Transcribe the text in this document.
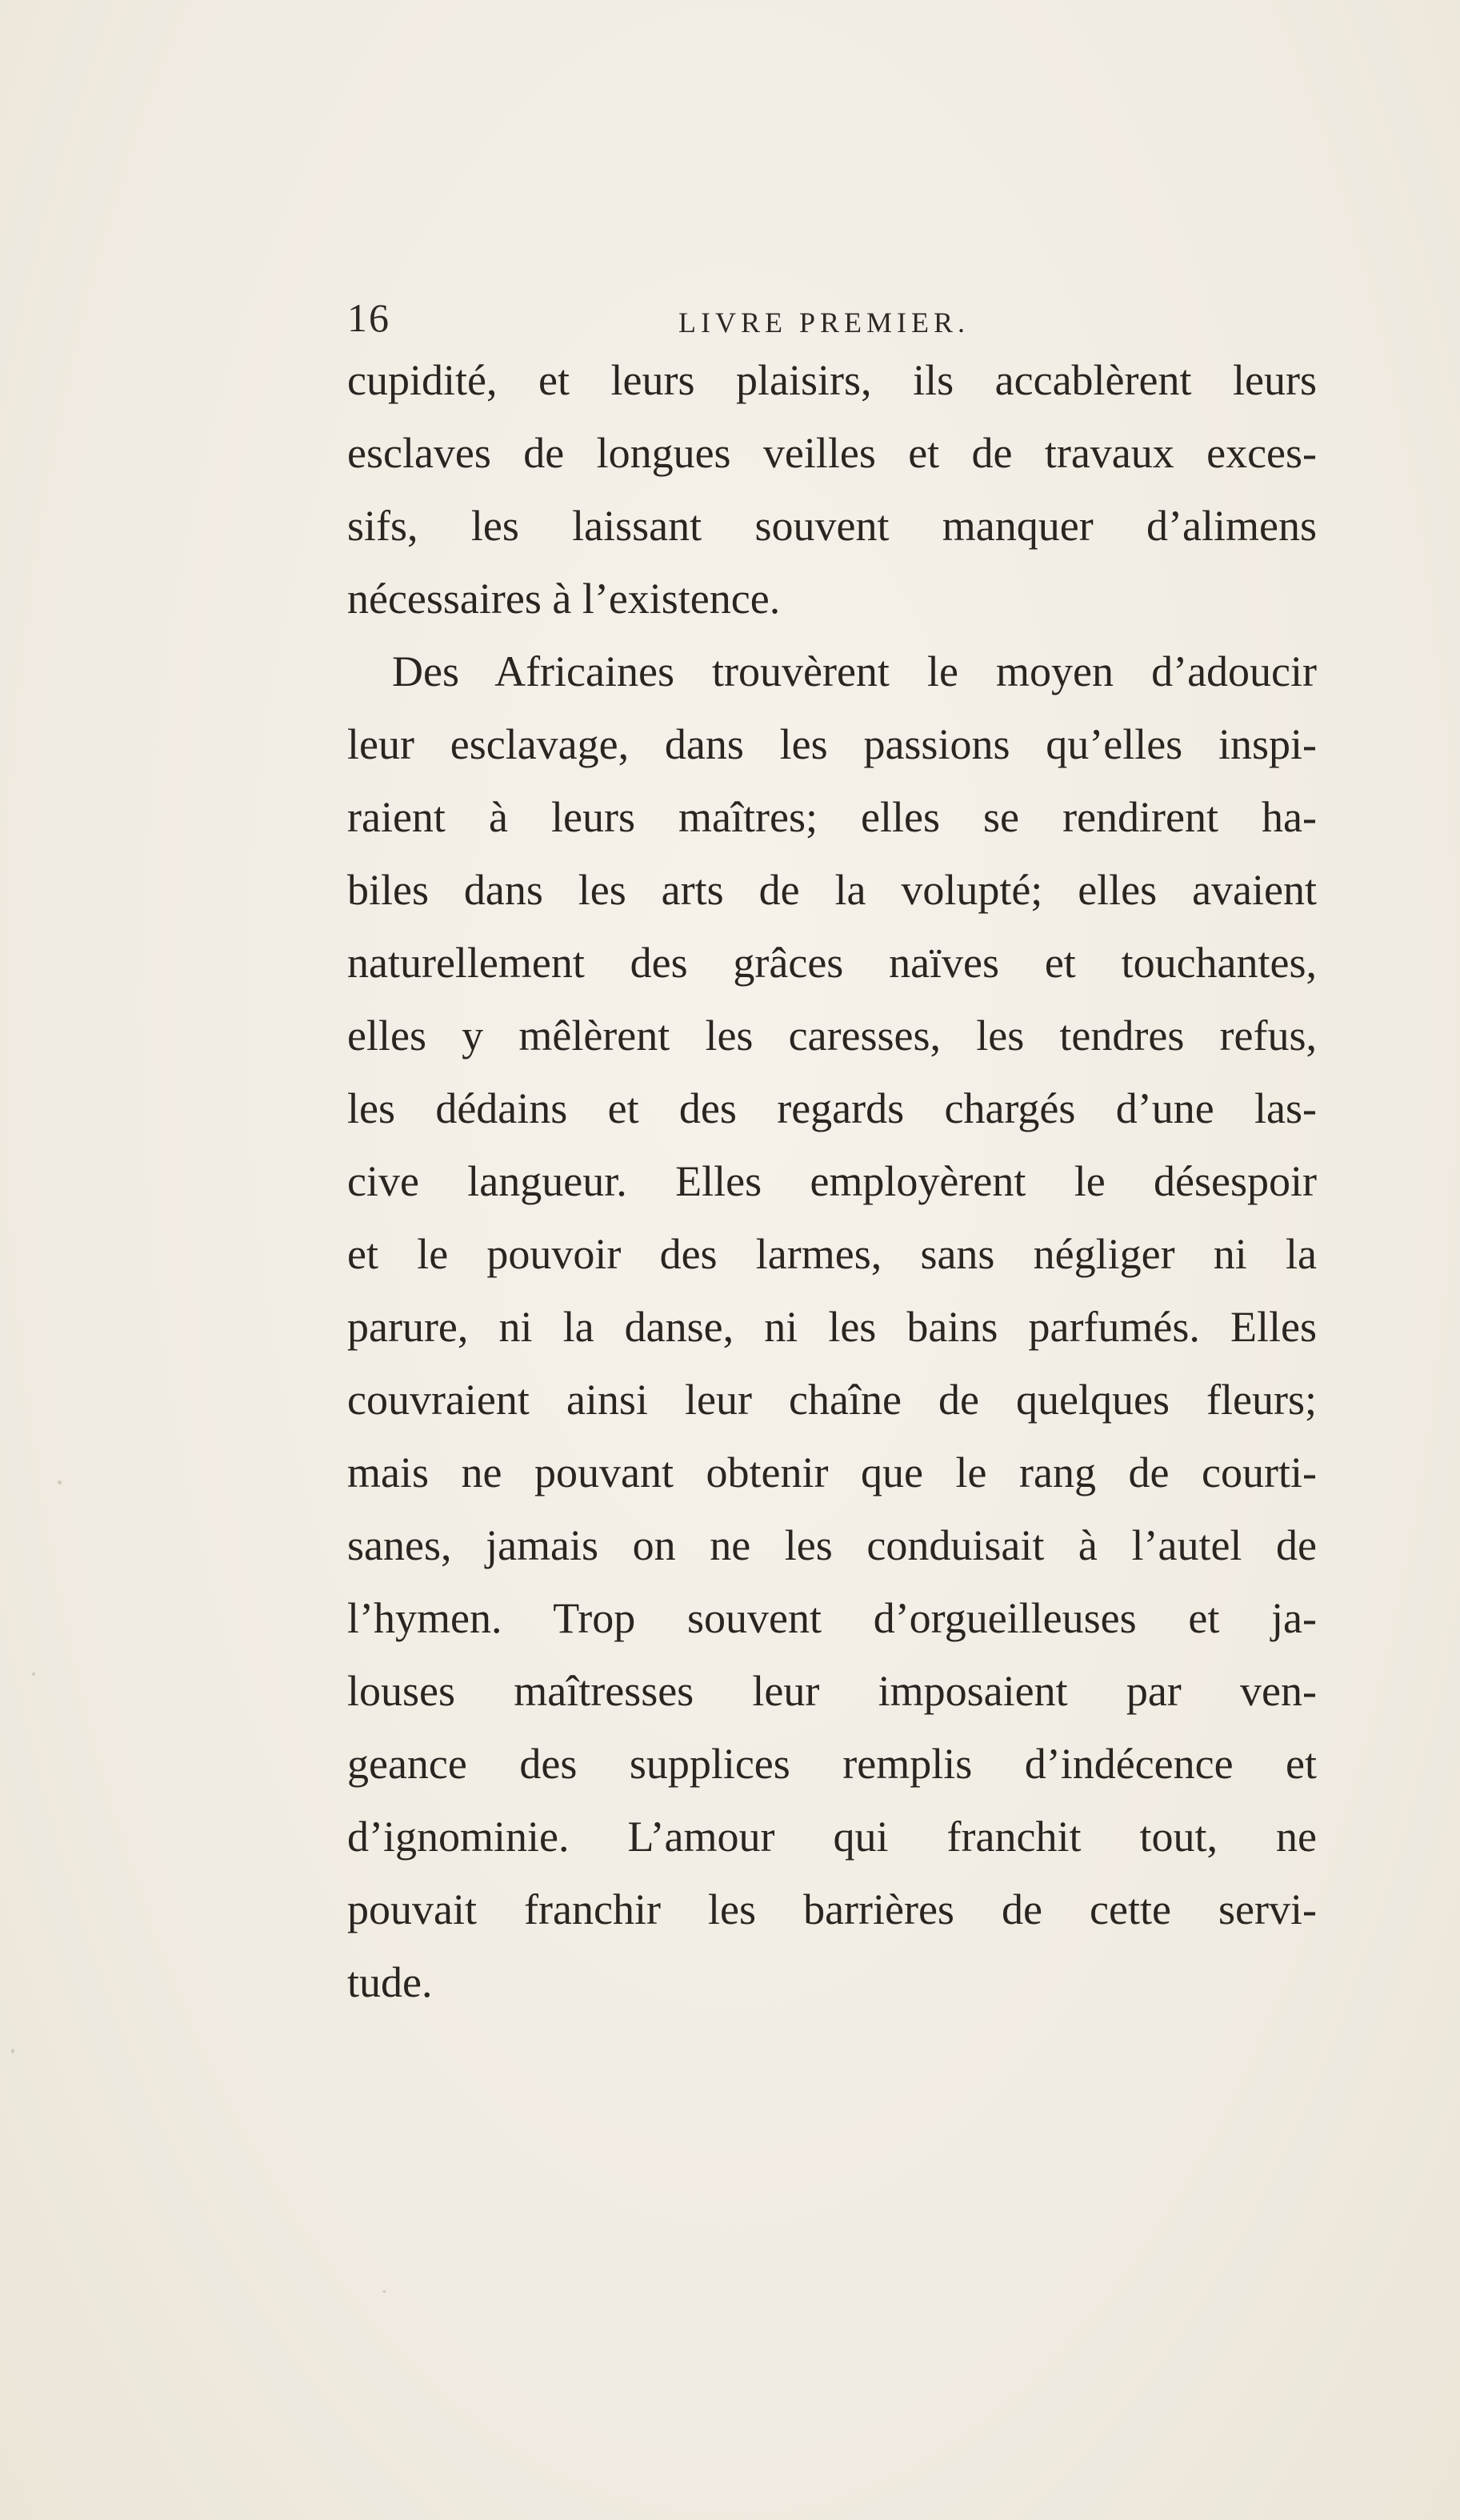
16	LIVRE PREMIER.
cupidité, et leurs plaisirs, ils accablèrent leurs
esclaves de longues veilles et de travaux exces-
sifs, les laissant souvent manquer d’alimens
nécessaires à l’existence.
Des Africaines trouvèrent le moyen d’adoucir
leur esclavage, dans les passions qu’elles inspi-
raient à leurs maîtres; elles se rendirent ha-
biles dans les arts de la volupté; elles avaient
naturellement des grâces naïves et touchantes,
elles y mêlèrent les caresses, les tendres refus,
les dédains et des regards chargés d’une las-
cive langueur. Elles employèrent le désespoir
et le pouvoir des larmes, sans négliger ni la
parure, ni la danse, ni les bains parfumés. Elles
couvraient ainsi leur chaîne de quelques fleurs;
mais ne pouvant obtenir que le rang de courti-
sanes, jamais on ne les conduisait à l’autel de
l’hymen. Trop souvent d’orgueilleuses et ja-
louses maîtresses leur imposaient par ven-
geance des supplices remplis d’indécence et
d’ignominie. L’amour qui franchit tout, ne
pouvait franchir les barrières de cette servi-
tude.
